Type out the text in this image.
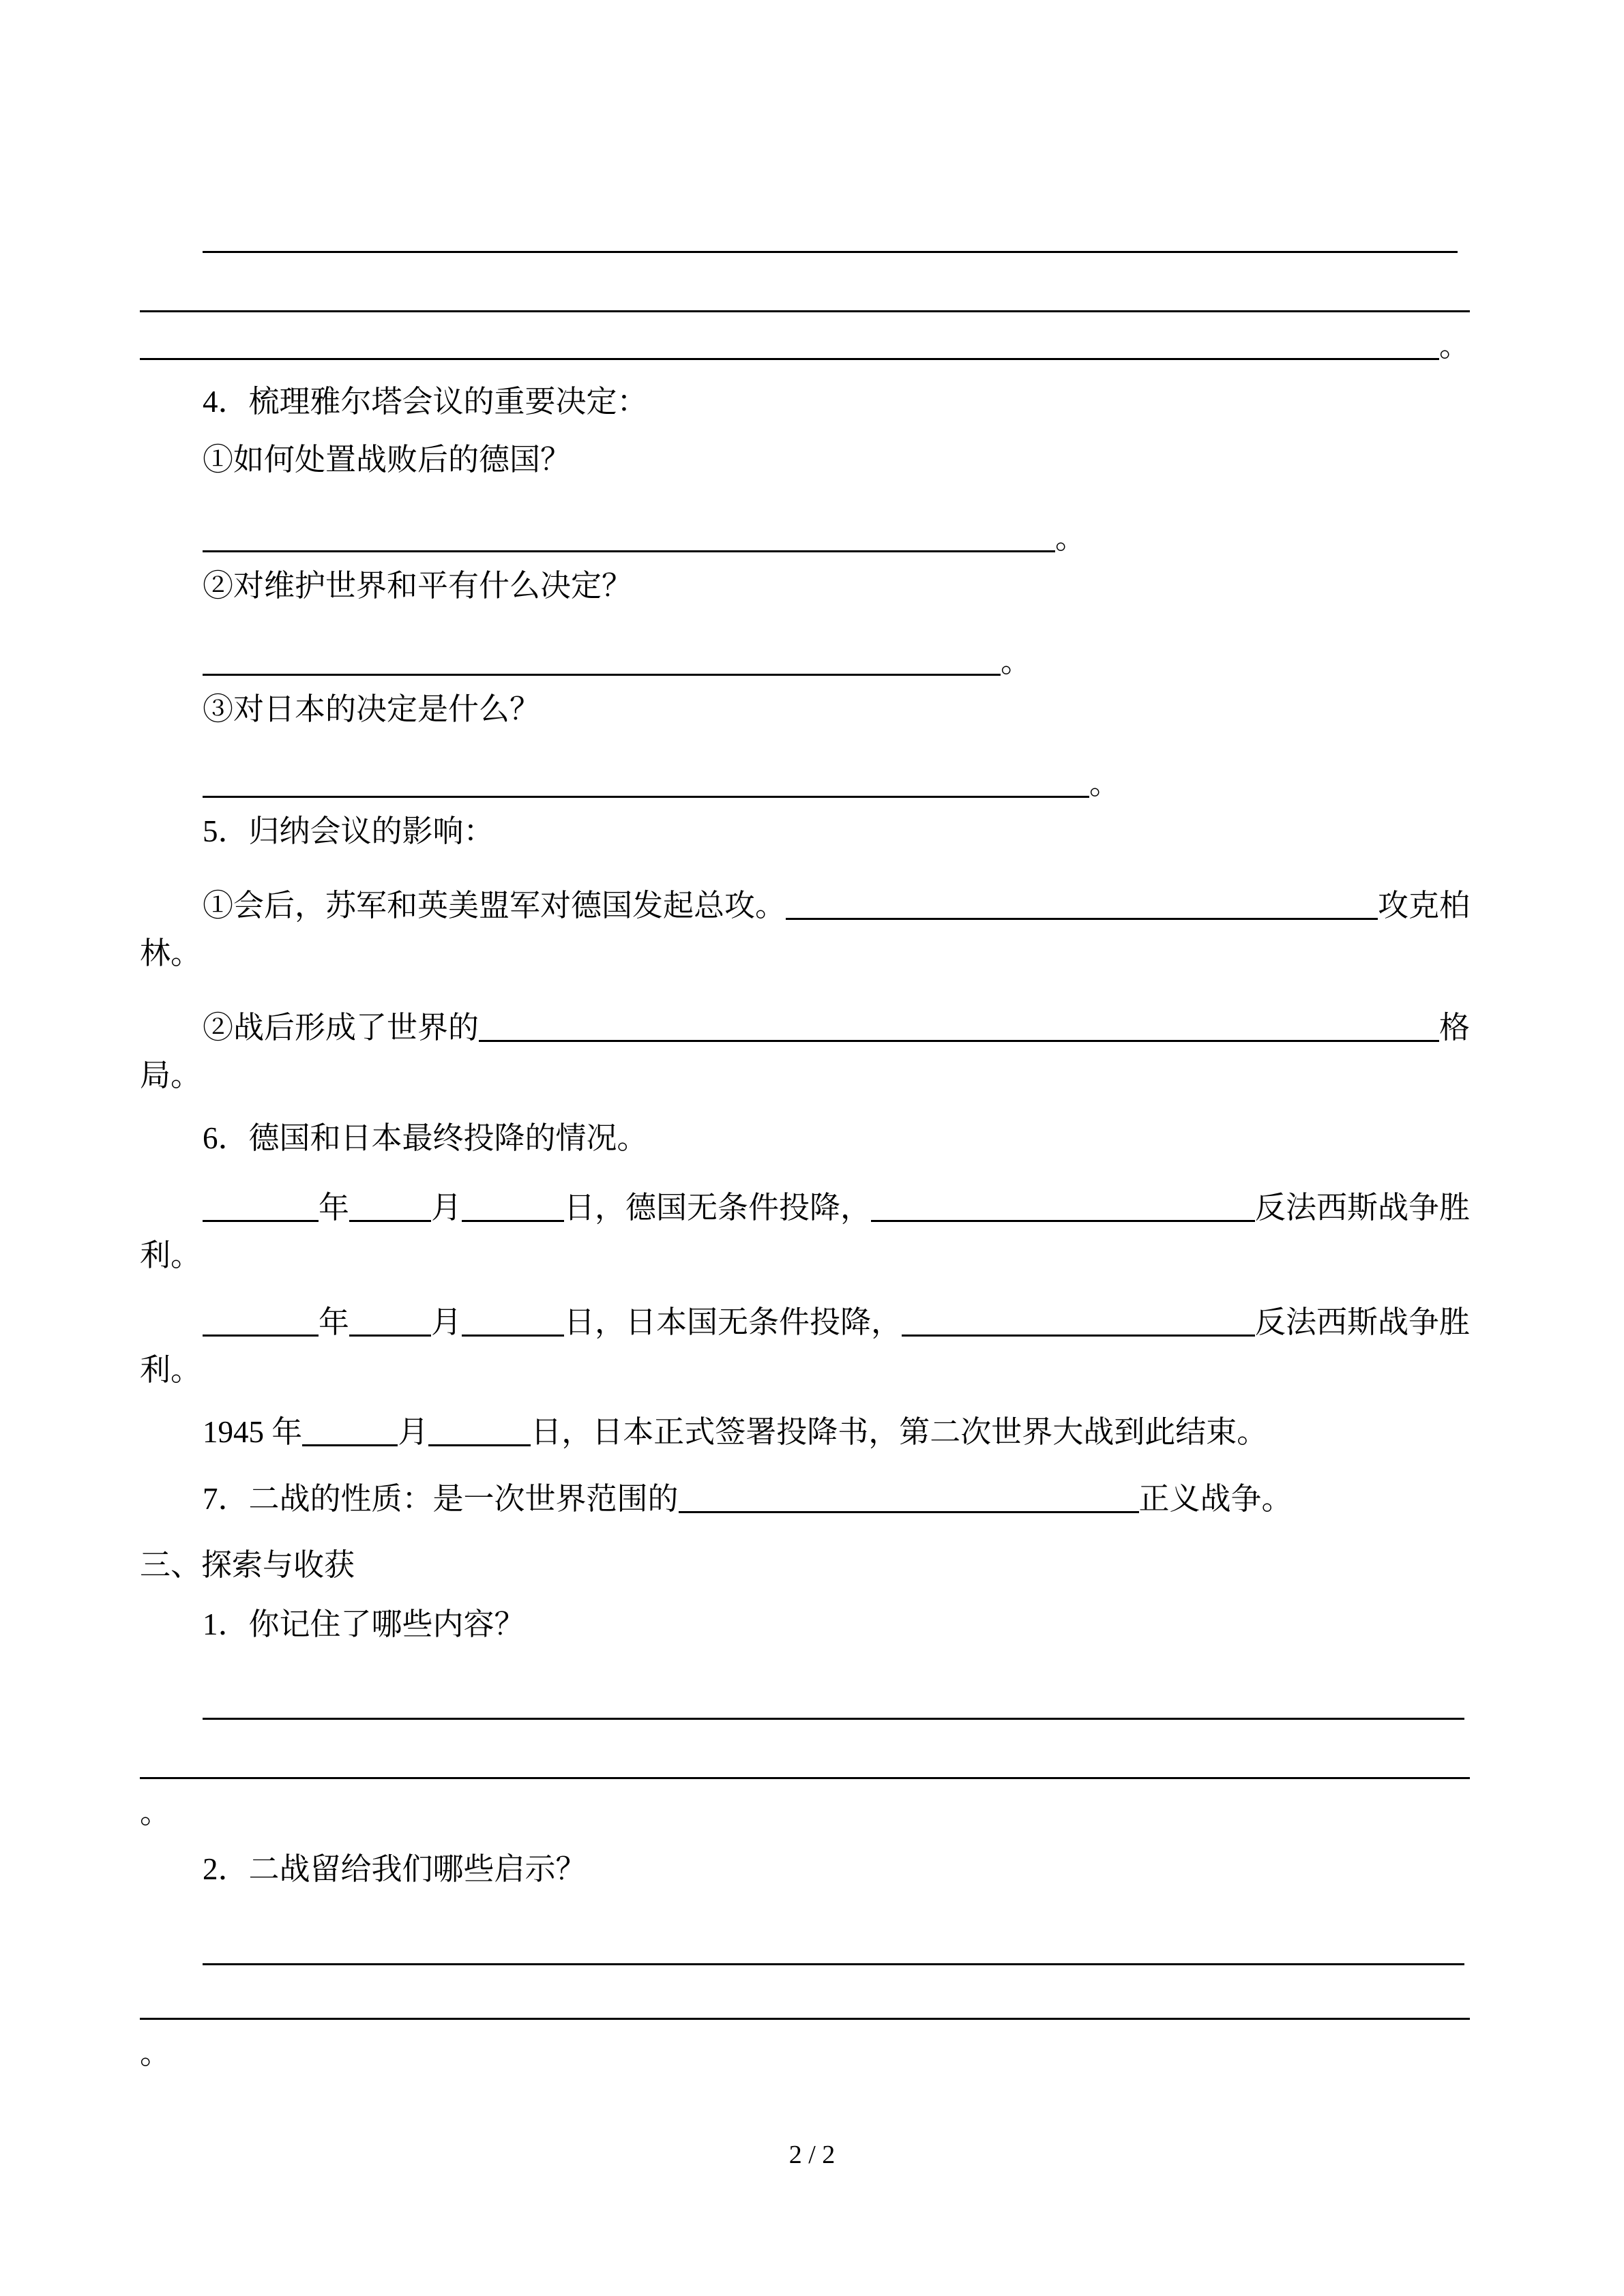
。
4．梳理雅尔塔会议的重要决定：
①如何处置战败后的德国？
。
②对维护世界和平有什么决定？
。
③对日本的决定是什么？
。
5．归纳会议的影响：
①会后，苏军和英美盟军对德国发起总攻。	攻克柏
林。
②战后形成了世界的	格
局。
6．德国和日本最终投降的情况。
年	月	日，德国无条件投降，	反法西斯战争胜
利。
年	月	日，日本国无条件投降，	反法西斯战争胜
利。
1945 年	月	日，日本正式签署投降书，第二次世界大战到此结束。
7．二战的性质：是一次世界范围的	正义战争。
三、探索与收获
1．你记住了哪些内容？
。
2．二战留给我们哪些启示？
。
2 / 2
